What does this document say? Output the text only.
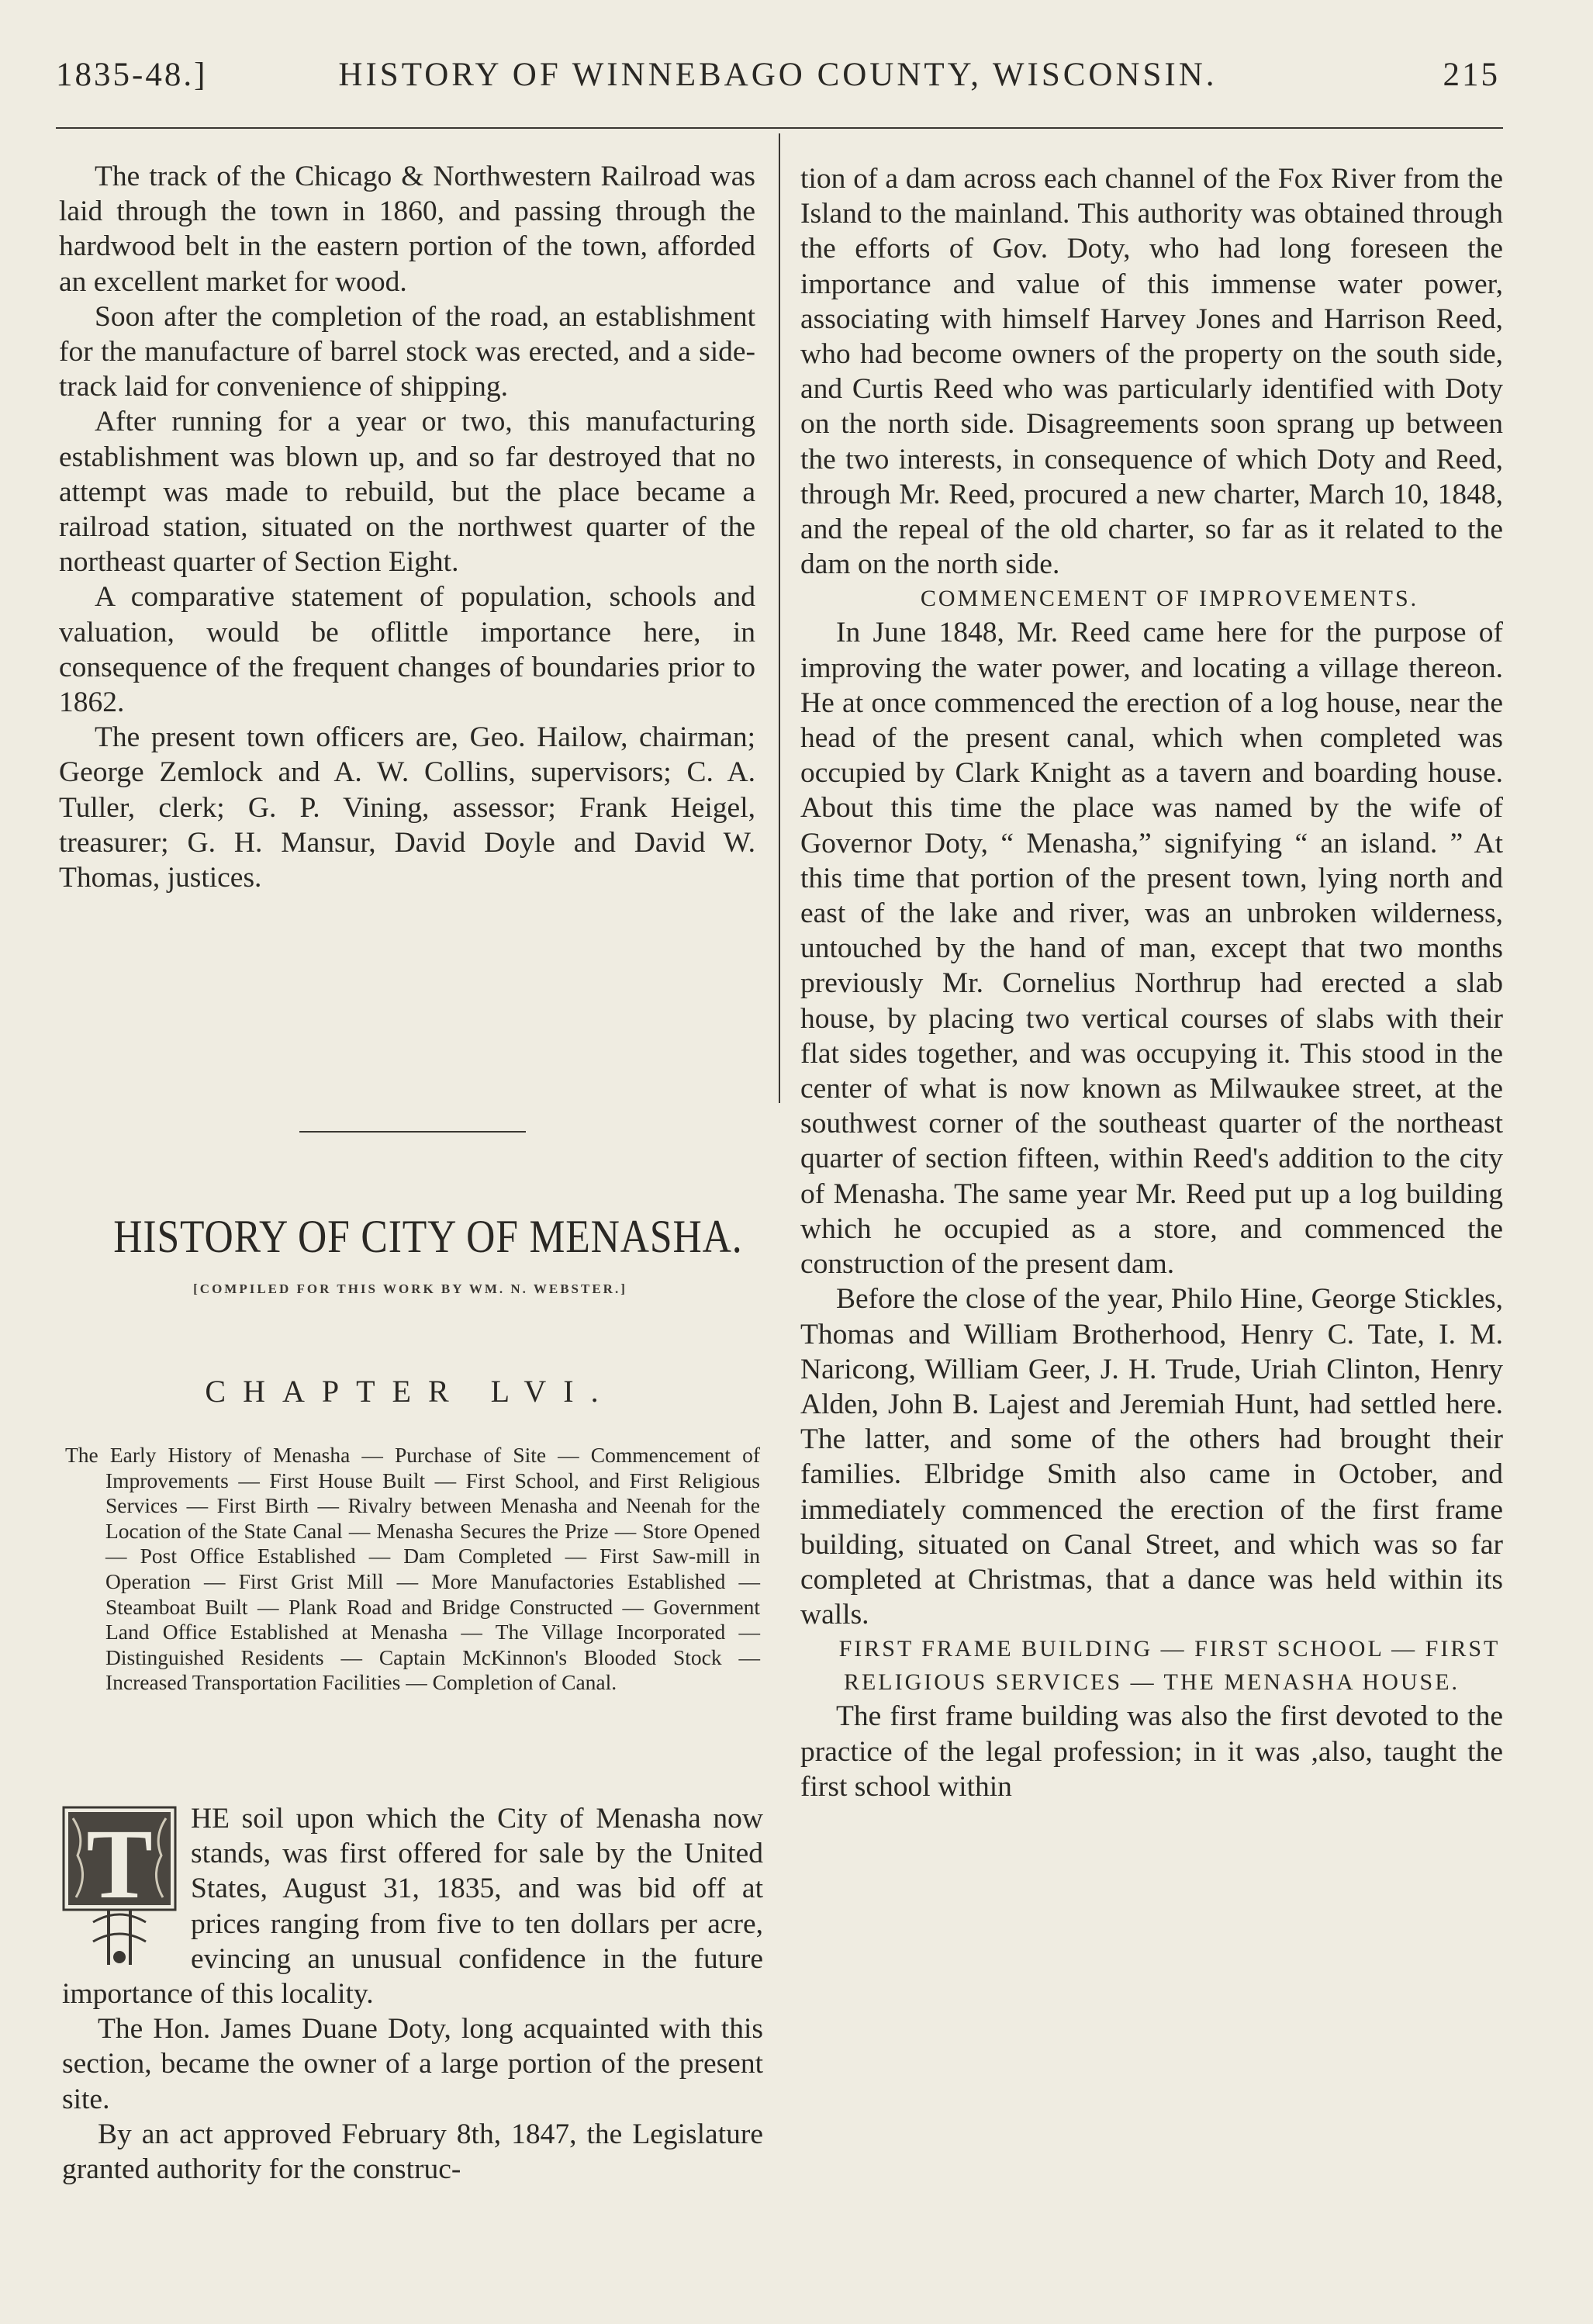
1835-48.]	HISTORY OF WINNEBAGO COUNTY, WISCONSIN.	215

The track of the Chicago & Northwestern Railroad was laid through the town in 1860, and passing through the hardwood belt in the eastern portion of the town, afforded an excellent market for wood.

Soon after the completion of the road, an establishment for the manufacture of barrel stock was erected, and a side-track laid for convenience of shipping.

After running for a year or two, this manufacturing establishment was blown up, and so far destroyed that no attempt was made to rebuild, but the place became a railroad station, situated on the northwest quarter of the northeast quarter of Section Eight.

A comparative statement of population, schools and valuation, would be oflittle importance here, in consequence of the frequent changes of boundaries prior to 1862.

The present town officers are, Geo. Hailow, chairman; George Zemlock and A. W. Collins, supervisors; C. A. Tuller, clerk; G. P. Vining, assessor; Frank Heigel, treasurer; G. H. Mansur, David Doyle and David W. Thomas, justices.

HISTORY OF CITY OF MENASHA.
[COMPILED FOR THIS WORK BY WM. N. WEBSTER.]
CHAPTER LVI.
The Early History of Menasha — Purchase of Site — Commencement of Improvements — First House Built — First School, and First Religious Services — First Birth — Rivalry between Menasha and Neenah for the Location of the State Canal — Menasha Secures the Prize — Store Opened — Post Office Established — Dam Completed — First Saw-mill in Operation — First Grist Mill — More Manufactories Established — Steamboat Built — Plank Road and Bridge Constructed — Government Land Office Established at Menasha — The Village Incorporated — Distinguished Residents — Captain McKinnon's Blooded Stock — Increased Transportation Facilities — Completion of Canal.

T HE soil upon which the City of Menasha now stands, was first offered for sale by the United States, August 31, 1835, and was bid off at prices ranging from five to ten dollars per acre, evincing an unusual confidence in the future importance of this locality.

The Hon. James Duane Doty, long acquainted with this section, became the owner of a large portion of the present site.

By an act approved February 8th, 1847, the Legislature granted authority for the construc-

tion of a dam across each channel of the Fox River from the Island to the mainland. This authority was obtained through the efforts of Gov. Doty, who had long foreseen the importance and value of this immense water power, associating with himself Harvey Jones and Harrison Reed, who had become owners of the property on the south side, and Curtis Reed who was particularly identified with Doty on the north side. Disagreements soon sprang up between the two interests, in consequence of which Doty and Reed, through Mr. Reed, procured a new charter, March 10, 1848, and the repeal of the old charter, so far as it related to the dam on the north side.

COMMENCEMENT OF IMPROVEMENTS.

In June 1848, Mr. Reed came here for the purpose of improving the water power, and locating a village thereon. He at once commenced the erection of a log house, near the head of the present canal, which when completed was occupied by Clark Knight as a tavern and boarding house. About this time the place was named by the wife of Governor Doty, “ Menasha,” signifying “ an island. ” At this time that portion of the present town, lying north and east of the lake and river, was an unbroken wilderness, untouched by the hand of man, except that two months previously Mr. Cornelius Northrup had erected a slab house, by placing two vertical courses of slabs with their flat sides together, and was occupying it. This stood in the center of what is now known as Milwaukee street, at the southwest corner of the southeast quarter of the northeast quarter of section fifteen, within Reed's addition to the city of Menasha. The same year Mr. Reed put up a log building which he occupied as a store, and commenced the construction of the present dam.

Before the close of the year, Philo Hine, George Stickles, Thomas and William Brotherhood, Henry C. Tate, I. M. Naricong, William Geer, J. H. Trude, Uriah Clinton, Henry Alden, John B. Lajest and Jeremiah Hunt, had settled here. The latter, and some of the others had brought their families. Elbridge Smith also came in October, and immediately commenced the erection of the first frame building, situated on Canal Street, and which was so far completed at Christmas, that a dance was held within its walls.

FIRST FRAME BUILDING — FIRST SCHOOL — FIRST RELIGIOUS SERVICES — THE MENASHA HOUSE.

The first frame building was also the first devoted to the practice of the legal profession; in it was ,also, taught the first school within
